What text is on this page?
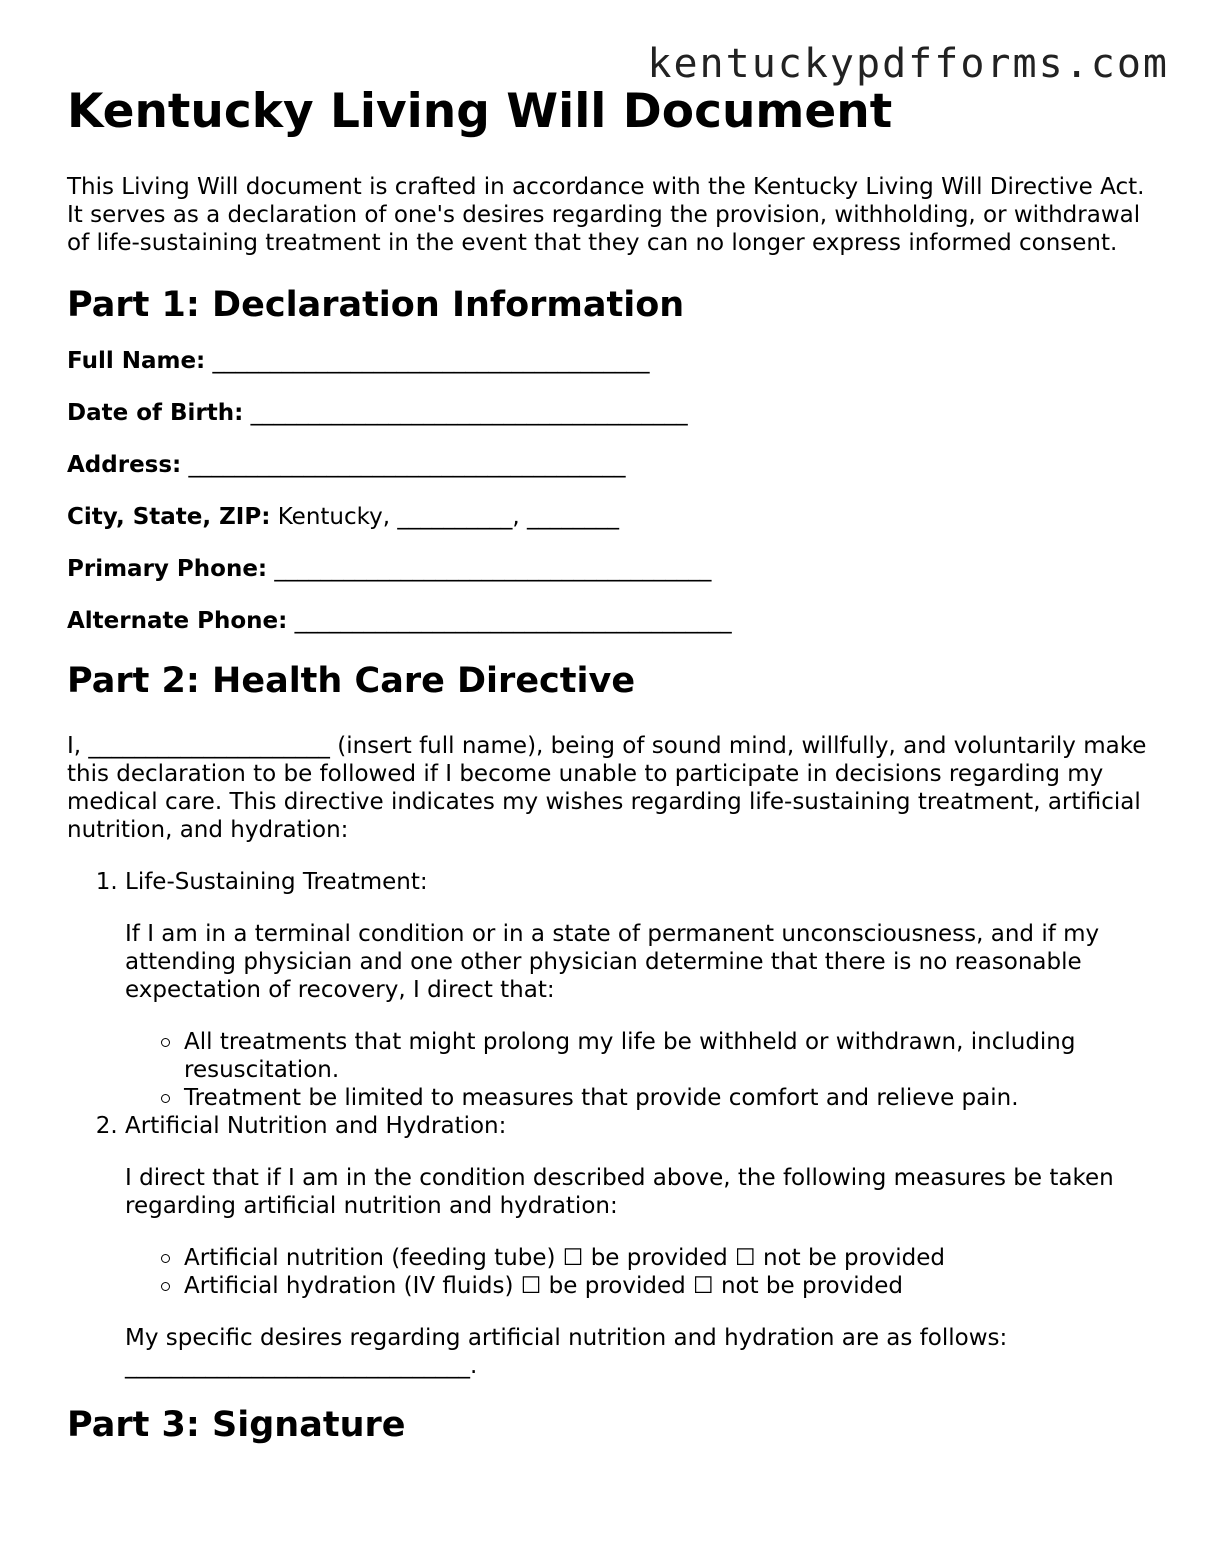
kentuckypdfforms.com
Kentucky Living Will Document

This Living Will document is crafted in accordance with the Kentucky Living Will Directive Act. It serves as a declaration of one's desires regarding the provision, withholding, or withdrawal of life-sustaining treatment in the event that they can no longer express informed consent.

Part 1: Declaration Information
Full Name: ______________________________________
Date of Birth: ______________________________________
Address: ______________________________________
City, State, ZIP: Kentucky, __________, ________
Primary Phone: ______________________________________
Alternate Phone: ______________________________________
Part 2: Health Care Directive

I, _____________________ (insert full name), being of sound mind, willfully, and voluntarily make this declaration to be followed if I become unable to participate in decisions regarding my medical care. This directive indicates my wishes regarding life-sustaining treatment, artificial nutrition, and hydration:

1. Life-Sustaining Treatment:

If I am in a terminal condition or in a state of permanent unconsciousness, and if my attending physician and one other physician determine that there is no reasonable expectation of recovery, I direct that:

All treatments that might prolong my life be withheld or withdrawn, including resuscitation.
Treatment be limited to measures that provide comfort and relieve pain.

2. Artificial Nutrition and Hydration:

I direct that if I am in the condition described above, the following measures be taken regarding artificial nutrition and hydration:

Artificial nutrition (feeding tube) ☐ be provided ☐ not be provided
Artificial hydration (IV fluids) ☐ be provided ☐ not be provided

My specific desires regarding artificial nutrition and hydration are as follows: ______________________________.

Part 3: Signature
